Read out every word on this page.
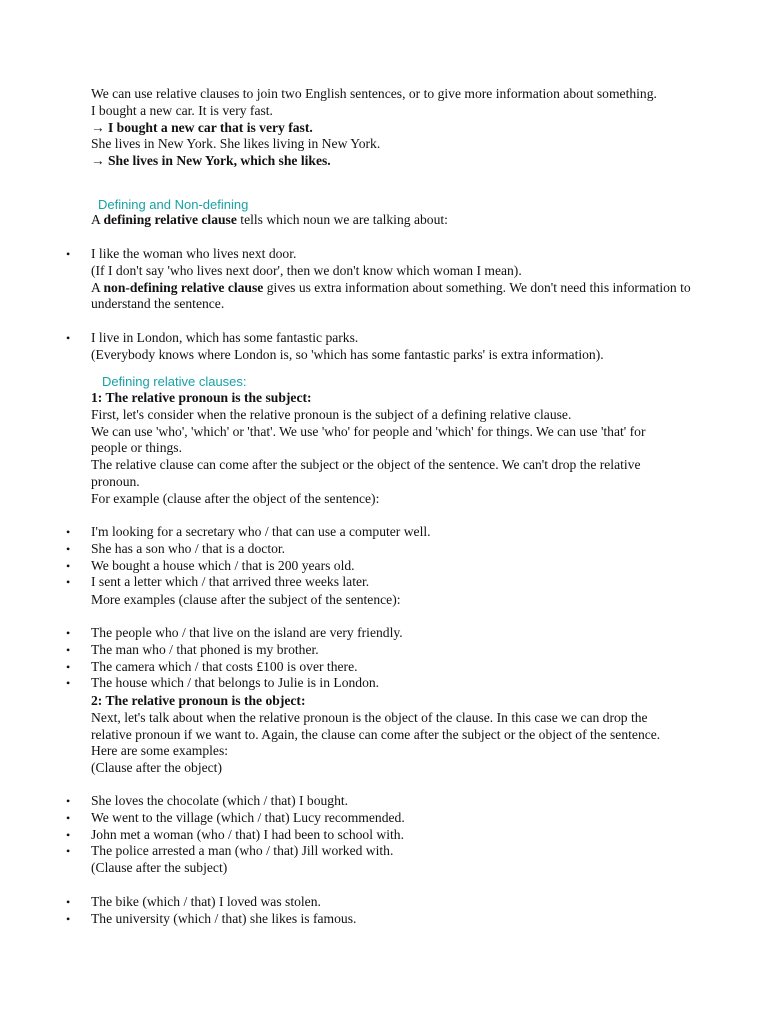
We can use relative clauses to join two English sentences, or to give more information about something.

I bought a new car. It is very fast.

→ I bought a new car that is very fast.

She lives in New York. She likes living in New York.

→ She lives in New York, which she likes.

Defining and Non-defining

A defining relative clause tells which noun we are talking about:

• I like the woman who lives next door.
(If I don't say 'who lives next door', then we don't know which woman I mean).
A non-defining relative clause gives us extra information about something. We don't need this information to understand the sentence.
• I live in London, which has some fantastic parks.
(Everybody knows where London is, so 'which has some fantastic parks' is extra information).

Defining relative clauses:

1: The relative pronoun is the subject:

First, let's consider when the relative pronoun is the subject of a defining relative clause.

We can use 'who', 'which' or 'that'. We use 'who' for people and 'which' for things. We can use 'that' for people or things.

The relative clause can come after the subject or the object of the sentence. We can't drop the relative pronoun.

For example (clause after the object of the sentence):

• I'm looking for a secretary who / that can use a computer well.
• She has a son who / that is a doctor.
• We bought a house which / that is 200 years old.
• I sent a letter which / that arrived three weeks later.

More examples (clause after the subject of the sentence):

• The people who / that live on the island are very friendly.
• The man who / that phoned is my brother.
• The camera which / that costs £100 is over there.
• The house which / that belongs to Julie is in London.

2: The relative pronoun is the object:

Next, let's talk about when the relative pronoun is the object of the clause. In this case we can drop the relative pronoun if we want to. Again, the clause can come after the subject or the object of the sentence. Here are some examples:

(Clause after the object)

• She loves the chocolate (which / that) I bought.
• We went to the village (which / that) Lucy recommended.
• John met a woman (who / that) I had been to school with.
• The police arrested a man (who / that) Jill worked with.

(Clause after the subject)

• The bike (which / that) I loved was stolen.
• The university (which / that) she likes is famous.
